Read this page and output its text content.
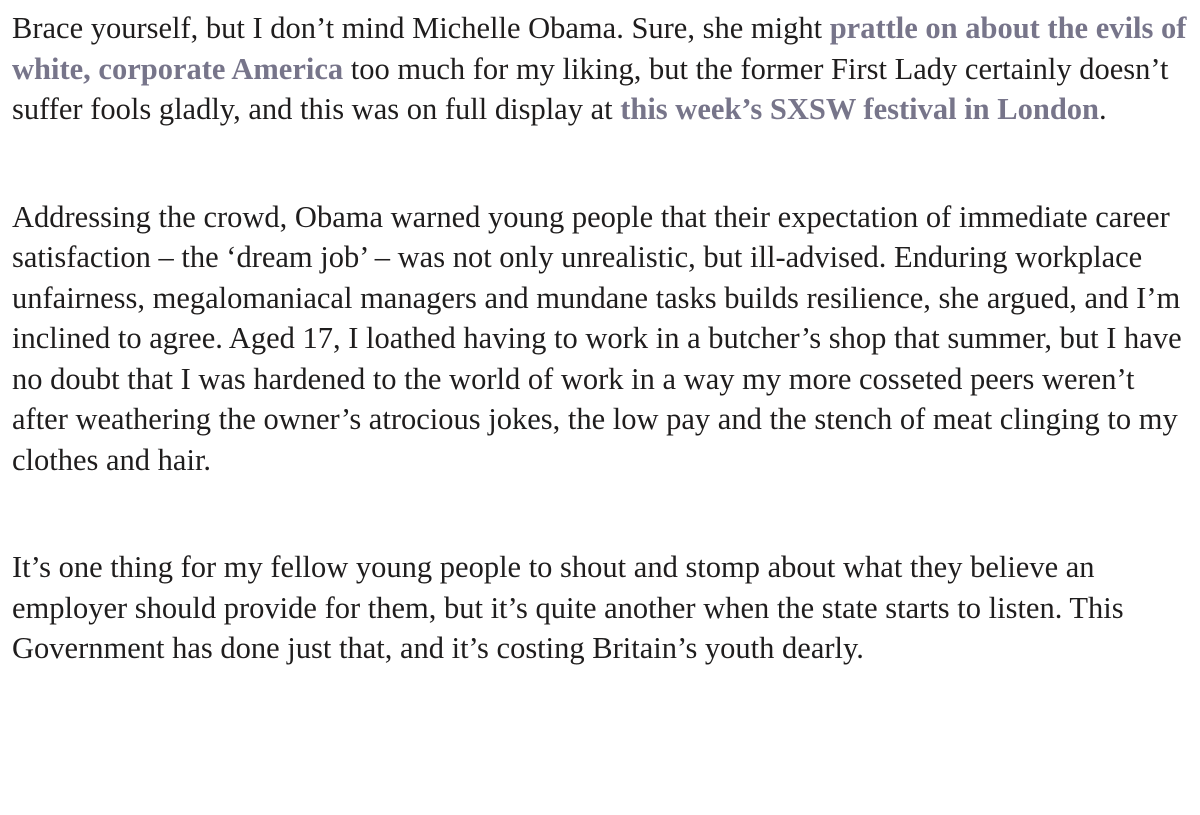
Brace yourself, but I don’t mind Michelle Obama. Sure, she might prattle on about the evils of white, corporate America too much for my liking, but the former First Lady certainly doesn’t suffer fools gladly, and this was on full display at this week’s SXSW festival in London.

Addressing the crowd, Obama warned young people that their expectation of immediate career satisfaction – the ‘dream job’ – was not only unrealistic, but ill-advised. Enduring workplace unfairness, megalomaniacal managers and mundane tasks builds resilience, she argued, and I’m inclined to agree. Aged 17, I loathed having to work in a butcher’s shop that summer, but I have no doubt that I was hardened to the world of work in a way my more cosseted peers weren’t after weathering the owner’s atrocious jokes, the low pay and the stench of meat clinging to my clothes and hair.

It’s one thing for my fellow young people to shout and stomp about what they believe an employer should provide for them, but it’s quite another when the state starts to listen. This Government has done just that, and it’s costing Britain’s youth dearly.
